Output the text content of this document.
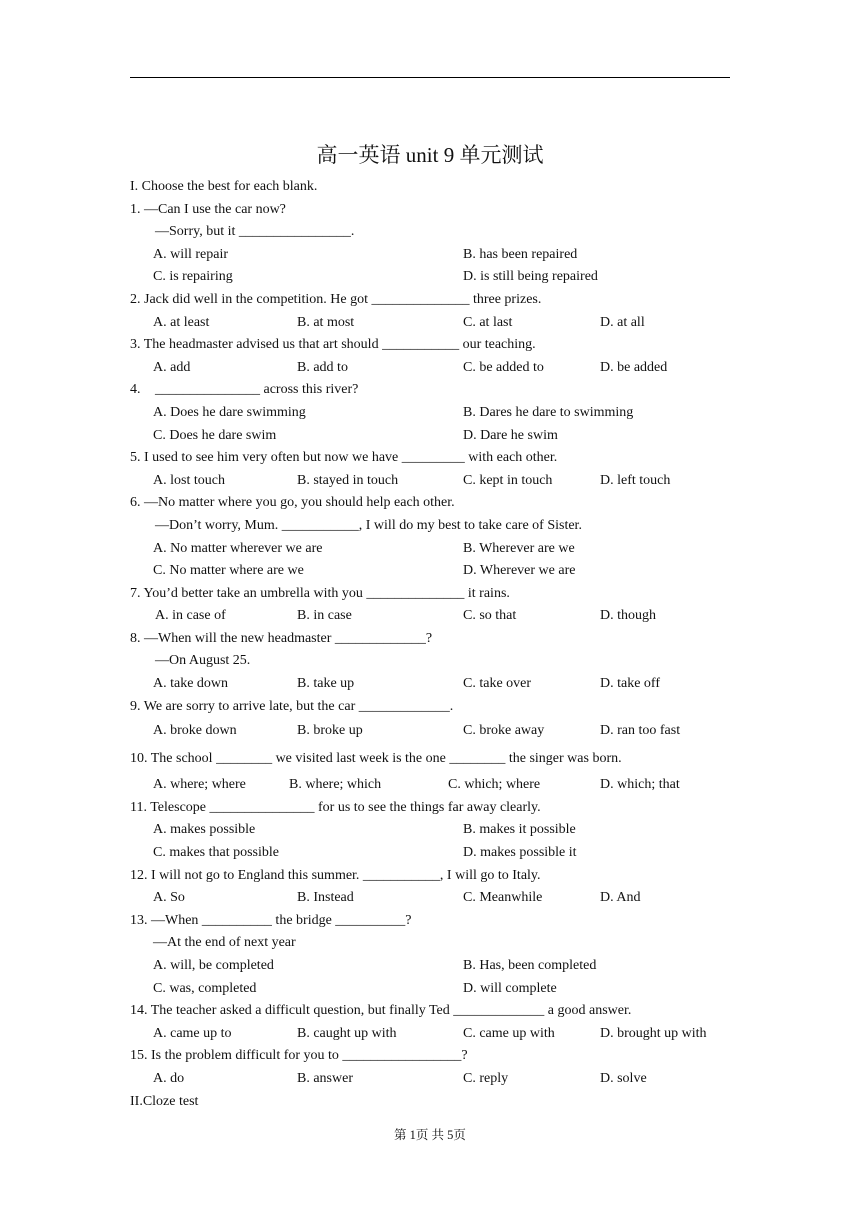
高一英语 unit 9 单元测试
I. Choose the best for each blank.
1. —Can I use the car now?
—Sorry, but it ________________.
A. will repair	B. has been repaired
C. is repairing	D. is still being repaired
2. Jack did well in the competition. He got ______________ three prizes.
A. at least	B. at most	C. at last	D. at all
3. The headmaster advised us that art should ___________ our teaching.
A. add	B. add to	C. be added to	D. be added
4. _______________ across this river?
A. Does he dare swimming	B. Dares he dare to swimming
C. Does he dare swim	D. Dare he swim
5. I used to see him very often but now we have _________ with each other.
A. lost touch	B. stayed in touch	C. kept in touch	D. left touch
6. —No matter where you go, you should help each other.
—Don’t worry, Mum. ___________, I will do my best to take care of Sister.
A. No matter wherever we are	B. Wherever are we
C. No matter where are we	D. Wherever we are
7. You’d better take an umbrella with you ______________ it rains.
A. in case of	B. in case	C. so that	D. though
8. —When will the new headmaster _____________?
—On August 25.
A. take down	B. take up	C. take over	D. take off
9. We are sorry to arrive late, but the car _____________.
A. broke down	B. broke up	C. broke away	D. ran too fast
10. The school ________ we visited last week is the one ________ the singer was born.
A. where; where	B. where; which	C. which; where	D. which; that
11. Telescope _______________ for us to see the things far away clearly.
A. makes possible	B. makes it possible
C. makes that possible	D. makes possible it
12. I will not go to England this summer. ___________, I will go to Italy.
A. So	B. Instead	C. Meanwhile	D. And
13. —When __________ the bridge __________?
—At the end of next year
A. will, be completed	B. Has, been completed
C. was, completed	D. will complete
14. The teacher asked a difficult question, but finally Ted _____________ a good answer.
A. came up to	B. caught up with	C. came up with	D. brought up with
15. Is the problem difficult for you to _________________?
A. do	B. answer	C. reply	D. solve
II.Cloze test
第 1页 共 5页
